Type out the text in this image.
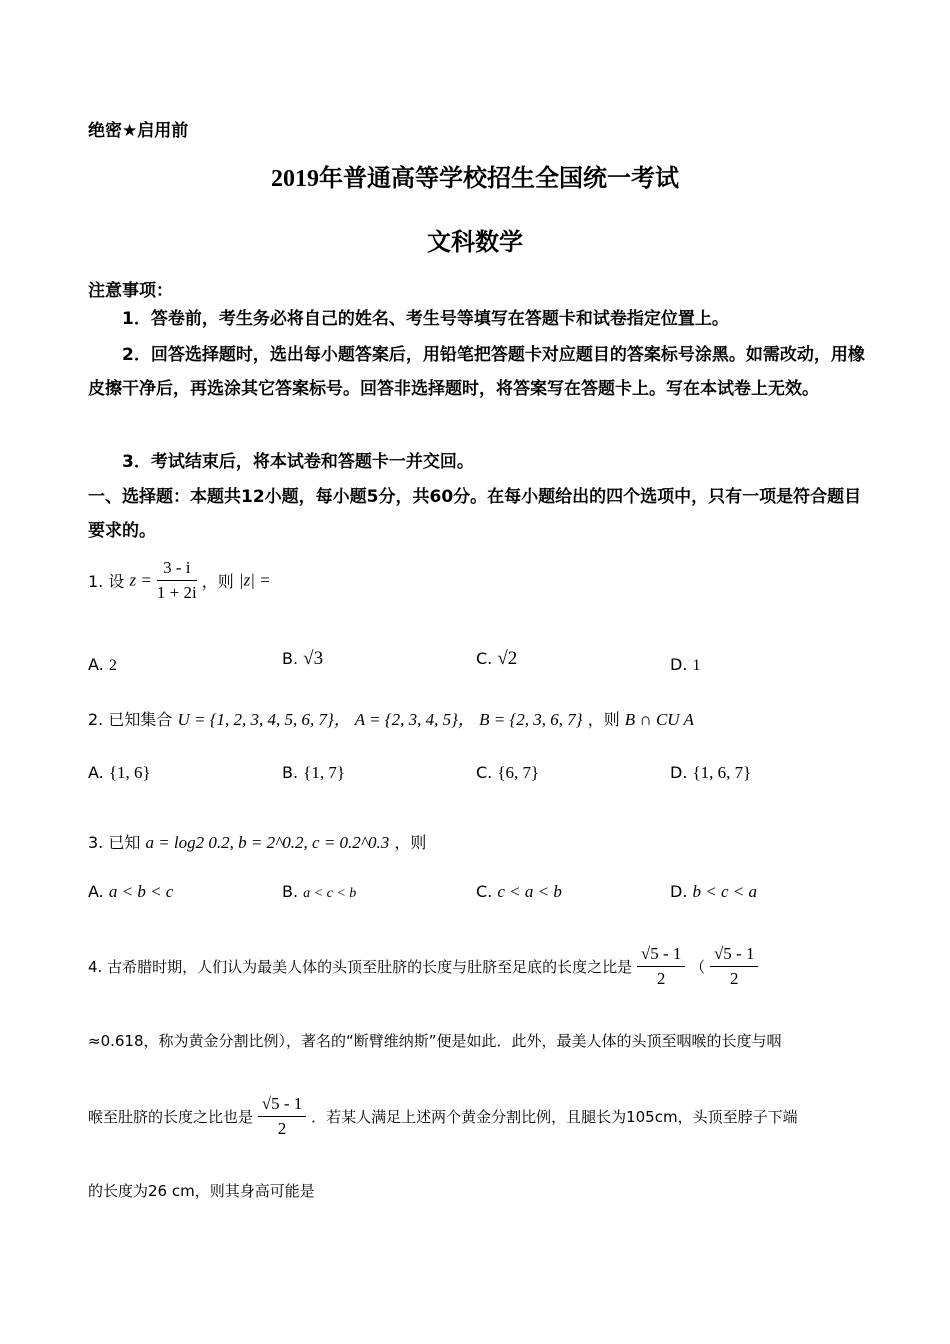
绝密★启用前
2019年普通高等学校招生全国统一考试
文科数学
注意事项：
1．答卷前，考生务必将自己的姓名、考生号等填写在答题卡和试卷指定位置上。
2．回答选择题时，选出每小题答案后，用铅笔把答题卡对应题目的答案标号涂黑。如需改动，用橡皮擦干净后，再选涂其它答案标号。回答非选择题时，将答案写在答题卡上。写在本试卷上无效。
3．考试结束后，将本试卷和答题卡一并交回。
一、选择题：本题共12小题，每小题5分，共60分。在每小题给出的四个选项中，只有一项是符合题目要求的。
1. 设 $z = \frac{3 - i}{1 + 2i}$ ，则 |z| =
A. 2	B. √3	C. √2	D. 1
2. 已知集合 U = {1, 2, 3, 4, 5, 6, 7}， A = {2, 3, 4, 5}， B = {2, 3, 6, 7} ，则 B ∩ CU A
A. {1, 6}	B. {1, 7}	C. {6, 7}	D. {1, 6, 7}
3. 已知 a = log2 0.2, b = 2^0.2, c = 0.2^0.3 ，则
A. a < b < c	B. a < c < b	C. c < a < b	D. b < c < a
4. 古希腊时期，人们认为最美人体的头顶至肚脐的长度与肚脐至足底的长度之比是 $\frac{√5 - 1}{2}$ （ $\frac{√5 - 1}{2}$
≈0.618，称为黄金分割比例），著名的“断臂维纳斯”便是如此．此外，最美人体的头顶至咽喉的长度与咽
喉至肚脐的长度之比也是 $\frac{√5 - 1}{2}$ ．若某人满足上述两个黄金分割比例，且腿长为105cm，头顶至脖子下端
的长度为26 cm，则其身高可能是
